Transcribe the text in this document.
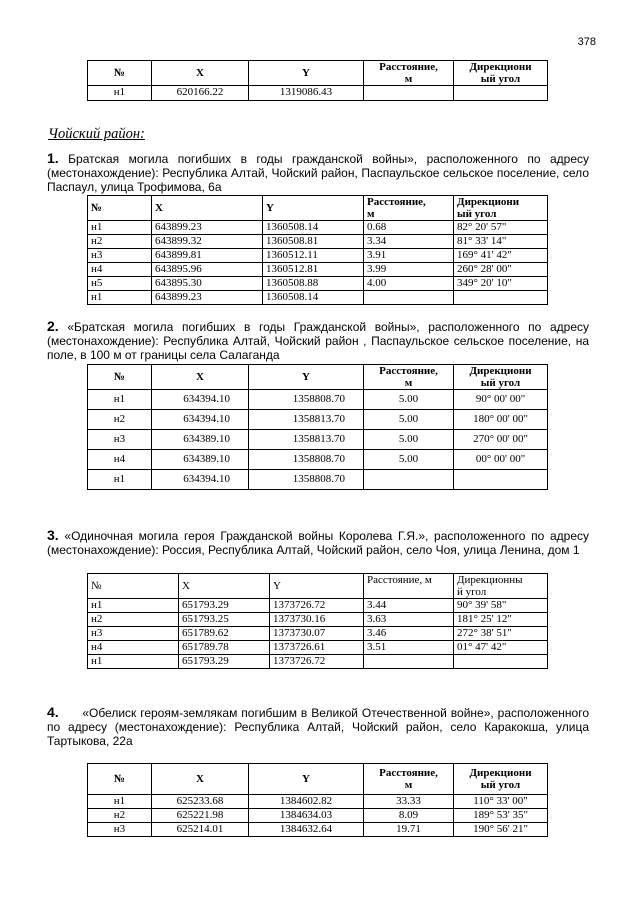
378
№	X	Y	Расстояние,
м	Дирекциони
ый угол
н1	620166.22	1319086.43		
Чойский район:
1. Братская могила погибших в годы гражданской войны», расположенного по адресу (местонахождение): Республика Алтай, Чойский район, Паспаульское сельское поселение, село Паспаул, улица Трофимова, 6а
№	X	Y	Расстояние,
м	Дирекциони
ый угол
н1	643899.23	1360508.14	0.68	82° 20' 57"
н2	643899.32	1360508.81	3.34	81° 33' 14"
н3	643899.81	1360512.11	3.91	169° 41' 42"
н4	643895.96	1360512.81	3.99	260° 28' 00"
н5	643895.30	1360508.88	4.00	349° 20' 10"
н1	643899.23	1360508.14		
2. «Братская могила погибших в годы Гражданской войны», расположенного по адресу (местонахождение): Республика Алтай, Чойский район , Паспаульское сельское поселение, на поле, в 100 м от границы села Салаганда
№	X	Y	Расстояние,
м	Дирекциони
ый угол
н1	634394.10	1358808.70	5.00	90° 00' 00"
н2	634394.10	1358813.70	5.00	180° 00' 00"
н3	634389.10	1358813.70	5.00	270° 00' 00"
н4	634389.10	1358808.70	5.00	00° 00' 00"
н1	634394.10	1358808.70		
3. «Одиночная могила героя Гражданской войны Королева Г.Я.», расположенного по адресу (местонахождение): Россия, Республика Алтай, Чойский район, село Чоя, улица Ленина, дом 1
№	X	Y	Расстояние, м	Дирекционны
й угол
н1	651793.29	1373726.72	3.44	90° 39' 58"
н2	651793.25	1373730.16	3.63	181° 25' 12"
н3	651789.62	1373730.07	3.46	272° 38' 51"
н4	651789.78	1373726.61	3.51	01° 47' 42"
н1	651793.29	1373726.72		
4. «Обелиск героям-землякам погибшим в Великой Отечественной войне», расположенного по адресу (местонахождение): Республика Алтай, Чойский район, село Каракокша, улица Тартыкова, 22а
№	X	Y	Расстояние,
м	Дирекциони
ый угол
н1	625233.68	1384602.82	33.33	110° 33' 00"
н2	625221.98	1384634.03	8.09	189° 53' 35"
н3	625214.01	1384632.64	19.71	190° 56' 21"
